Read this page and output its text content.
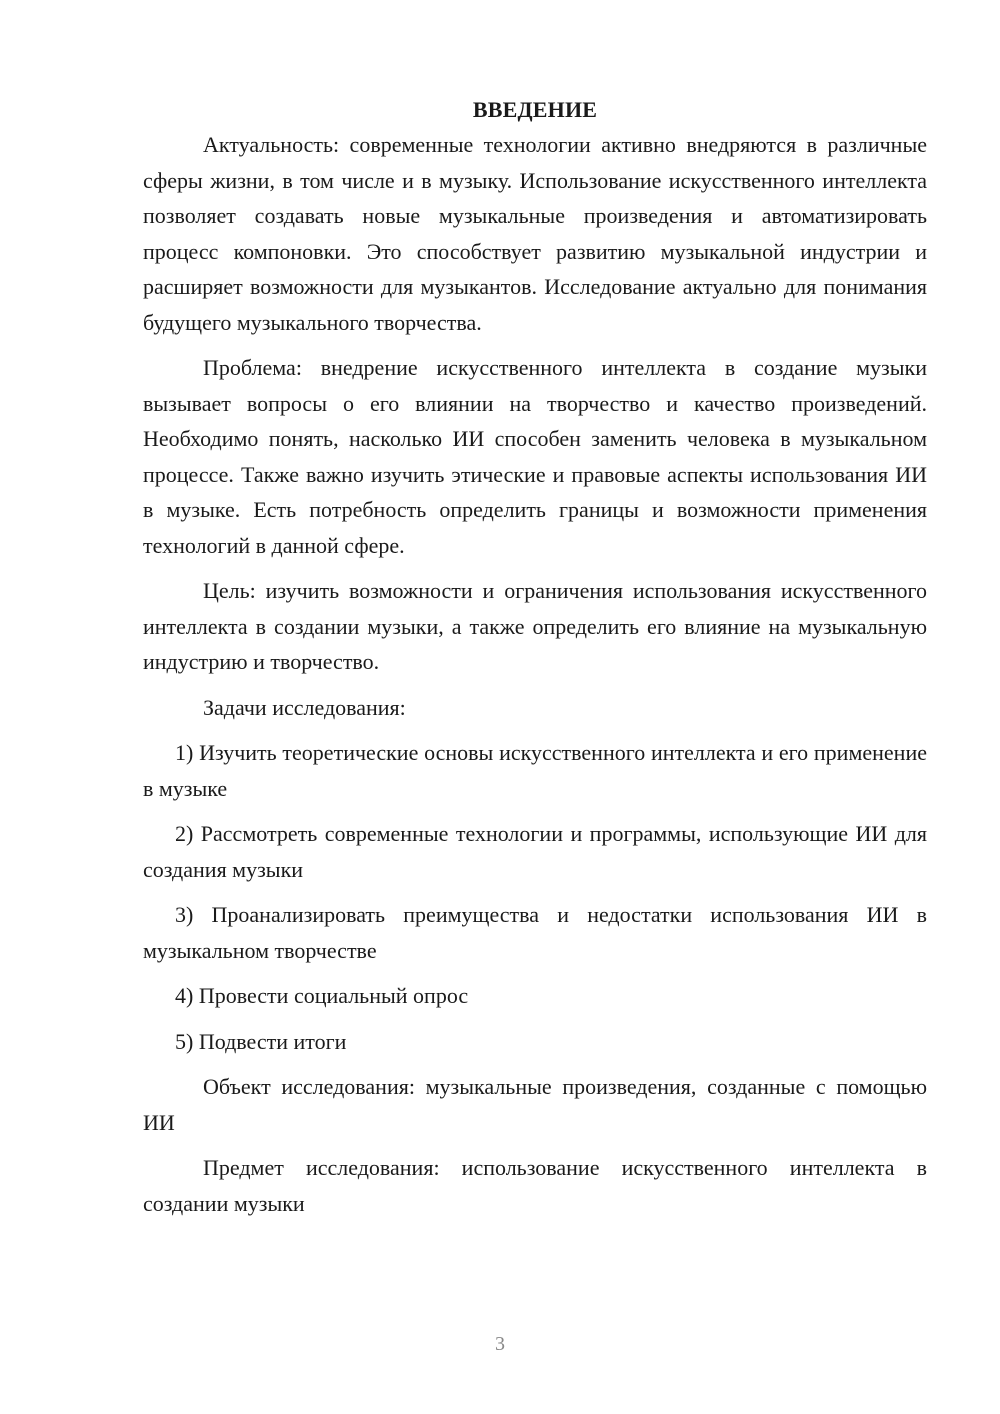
ВВЕДЕНИЕ

Актуальность: современные технологии активно внедряются в различные сферы жизни, в том числе и в музыку. Использование искусственного интеллекта позволяет создавать новые музыкальные произведения и автоматизировать процесс компоновки. Это способствует развитию музыкальной индустрии и расширяет возможности для музыкантов. Исследование актуально для понимания будущего музыкального творчества.

Проблема: внедрение искусственного интеллекта в создание музыки вызывает вопросы о его влиянии на творчество и качество произведений. Необходимо понять, насколько ИИ способен заменить человека в музыкальном процессе. Также важно изучить этические и правовые аспекты использования ИИ в музыке. Есть потребность определить границы и возможности применения технологий в данной сфере.

Цель: изучить возможности и ограничения использования искусственного интеллекта в создании музыки, а также определить его влияние на музыкальную индустрию и творчество.

Задачи исследования:

1) Изучить теоретические основы искусственного интеллекта и его применение в музыке

2) Рассмотреть современные технологии и программы, использующие ИИ для создания музыки

3) Проанализировать преимущества и недостатки использования ИИ в музыкальном творчестве

4) Провести социальный опрос

5) Подвести итоги

Объект исследования: музыкальные произведения, созданные с помощью ИИ

Предмет исследования: использование искусственного интеллекта в создании музыки

3
